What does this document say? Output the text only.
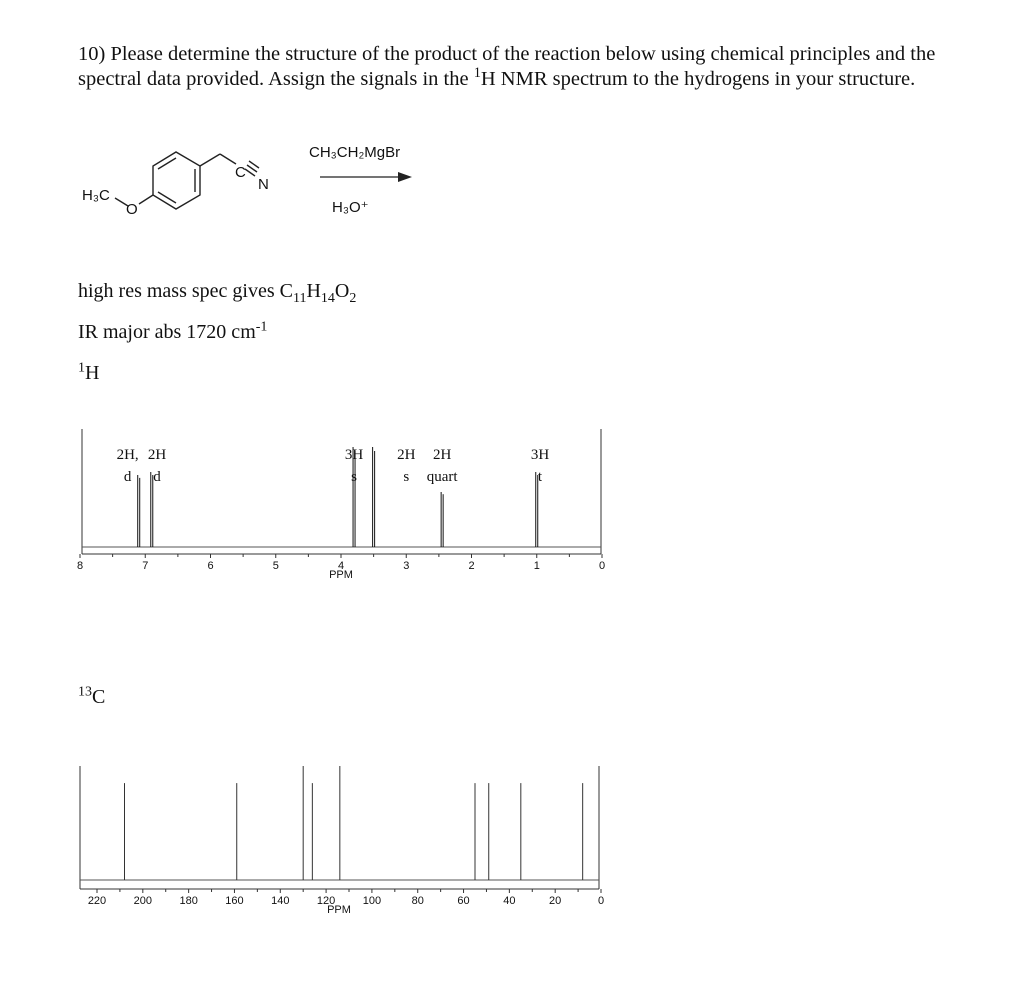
10) Please determine the structure of the product of the reaction below using chemical principles and the spectral data provided. Assign the signals in the $^1$H NMR spectrum to the hydrogens in your structure.

H₃C
O
C
N
CH₃CH₂MgBr
H₃O⁺
high res mass spec gives $C_{11}H_{14}O_2$
IR major abs 1720 $cm^{-1}$
$^1$H
$^{13}$C
8	7	6	5	4	3	2	1	0
PPM
2H,
d
2H
d
3H
s
2H
s
2H
quart
3H
t
220 200 180 160 140 120 100	80	60	40	20	0
PPM
